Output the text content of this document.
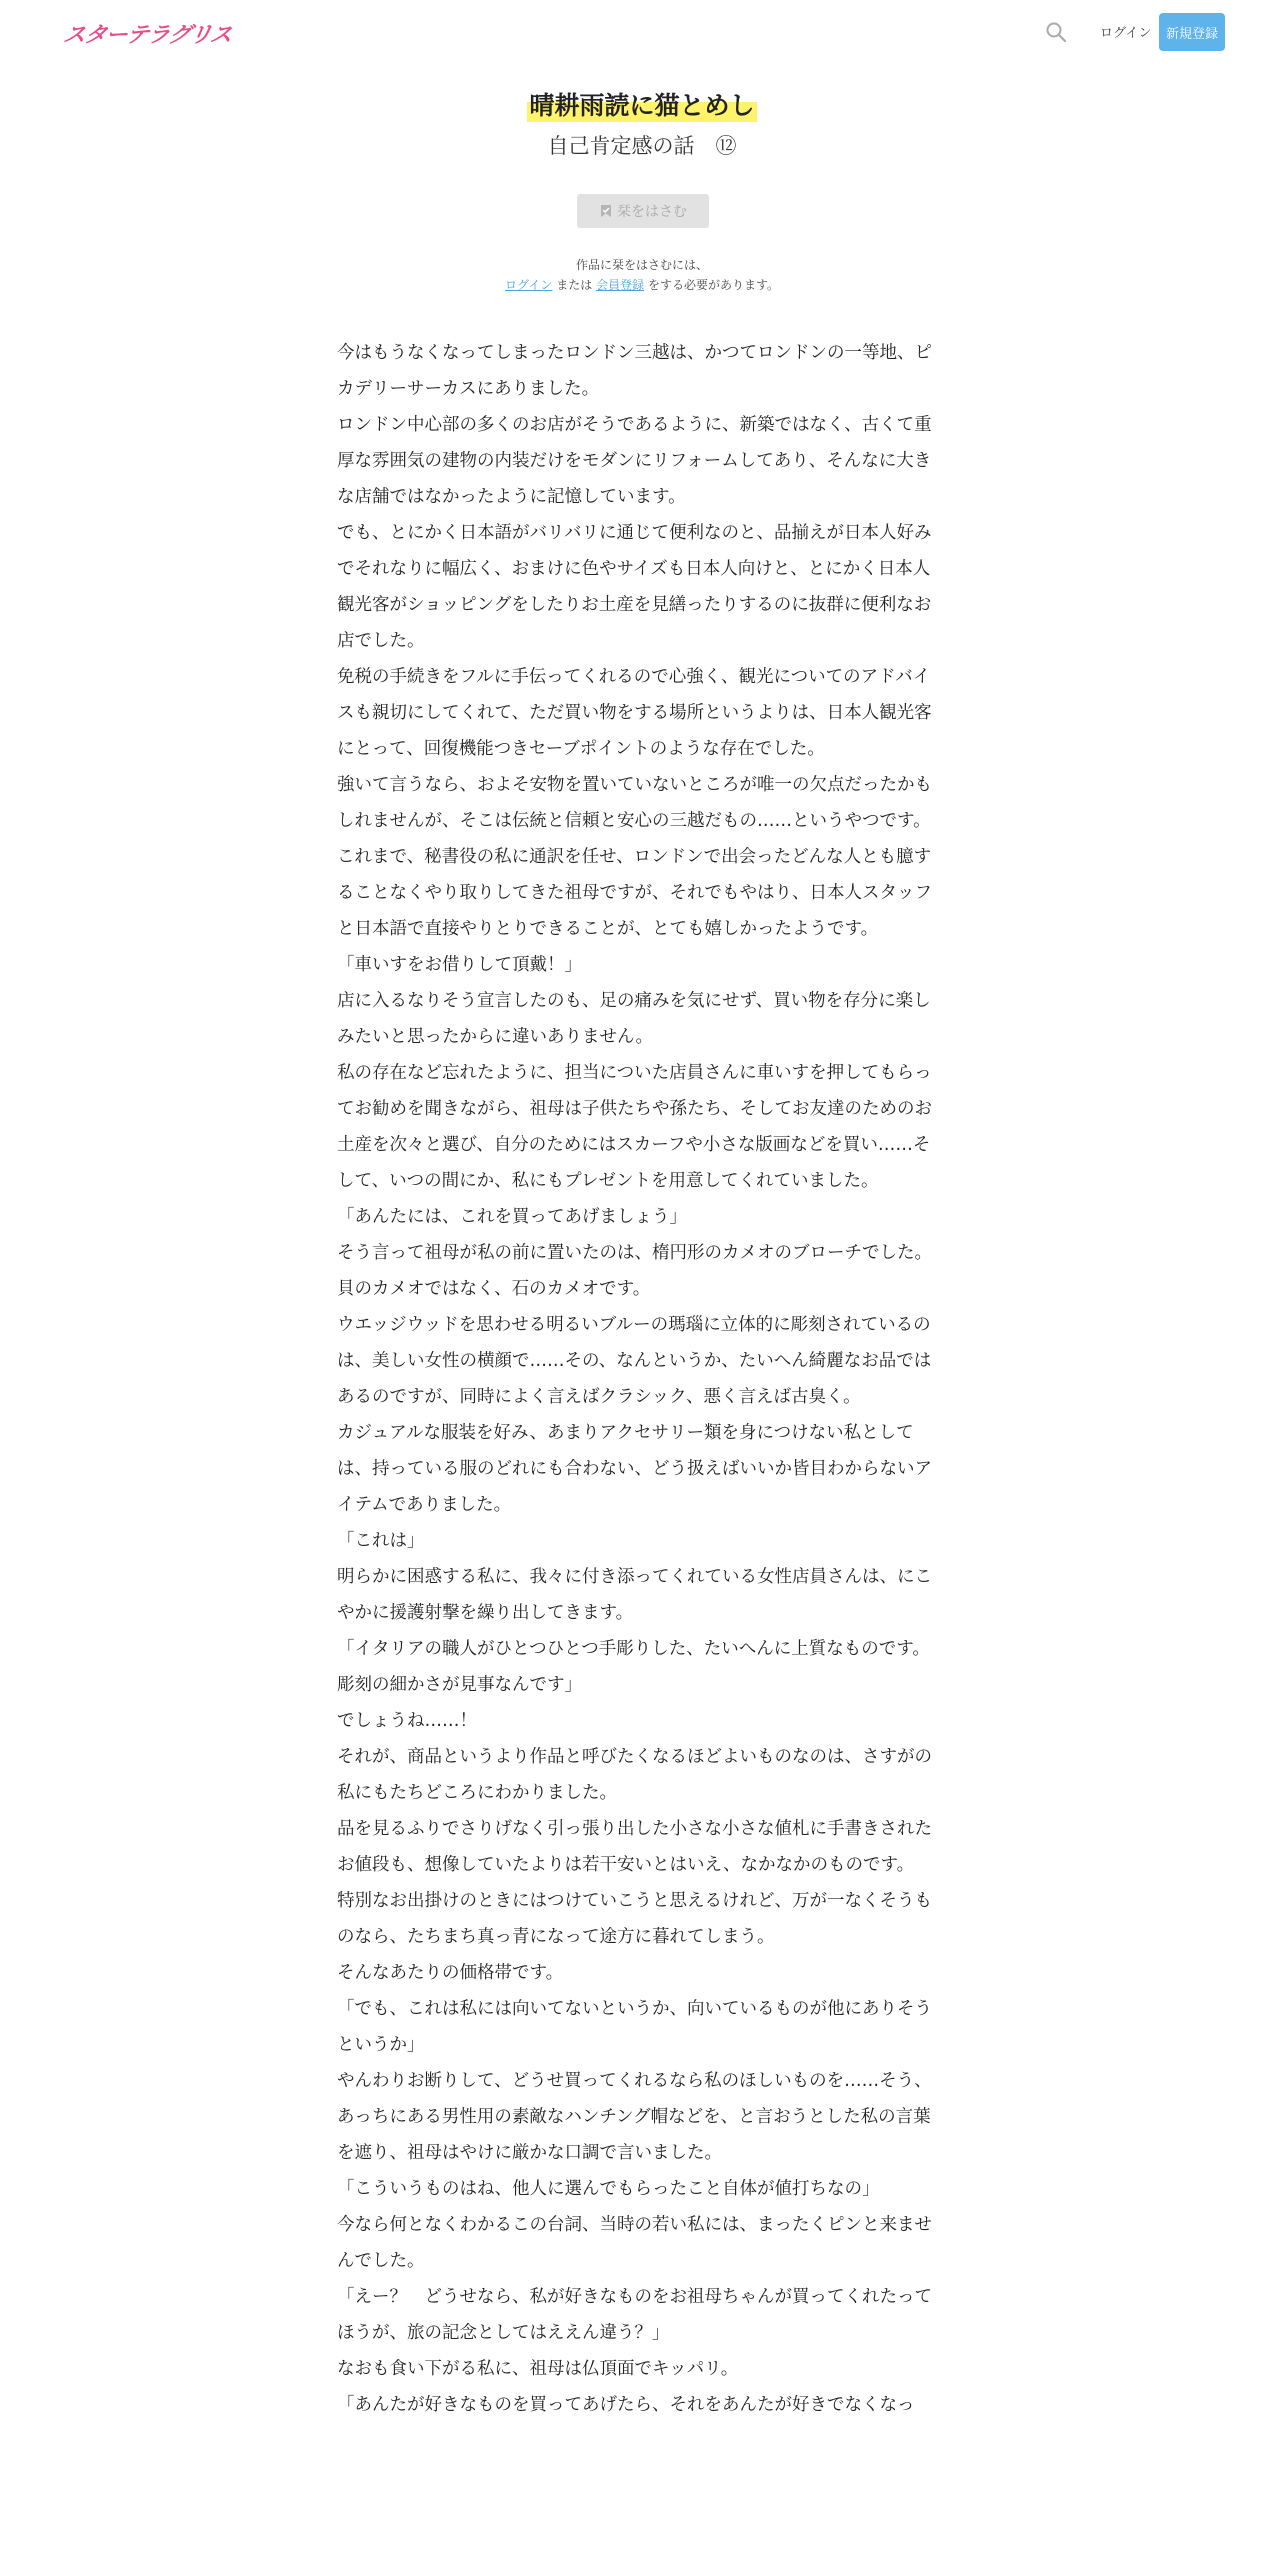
スターテラグリス	ログイン	新規登録
晴耕雨読に猫とめし
自己肯定感の話　⑫
栞をはさむ
作品に栞をはさむには、
ログイン または 会員登録 をする必要があります。

今はもうなくなってしまったロンドン三越は、かつてロンドンの一等地、ピカデリーサーカスにありました。

ロンドン中心部の多くのお店がそうであるように、新築ではなく、古くて重厚な雰囲気の建物の内装だけをモダンにリフォームしてあり、そんなに大きな店舗ではなかったように記憶しています。

でも、とにかく日本語がバリバリに通じて便利なのと、品揃えが日本人好みでそれなりに幅広く、おまけに色やサイズも日本人向けと、とにかく日本人観光客がショッピングをしたりお土産を見繕ったりするのに抜群に便利なお店でした。

免税の手続きをフルに手伝ってくれるので心強く、観光についてのアドバイスも親切にしてくれて、ただ買い物をする場所というよりは、日本人観光客にとって、回復機能つきセーブポイントのような存在でした。

強いて言うなら、およそ安物を置いていないところが唯一の欠点だったかもしれませんが、そこは伝統と信頼と安心の三越だもの……というやつです。

これまで、秘書役の私に通訳を任せ、ロンドンで出会ったどんな人とも臆することなくやり取りしてきた祖母ですが、それでもやはり、日本人スタッフと日本語で直接やりとりできることが、とても嬉しかったようです。

「車いすをお借りして頂戴！」

店に入るなりそう宣言したのも、足の痛みを気にせず、買い物を存分に楽しみたいと思ったからに違いありません。

私の存在など忘れたように、担当についた店員さんに車いすを押してもらってお勧めを聞きながら、祖母は子供たちや孫たち、そしてお友達のためのお土産を次々と選び、自分のためにはスカーフや小さな版画などを買い……そして、いつの間にか、私にもプレゼントを用意してくれていました。

「あんたには、これを買ってあげましょう」

そう言って祖母が私の前に置いたのは、楕円形のカメオのブローチでした。

貝のカメオではなく、石のカメオです。

ウエッジウッドを思わせる明るいブルーの瑪瑙に立体的に彫刻されているのは、美しい女性の横顔で……その、なんというか、たいへん綺麗なお品ではあるのですが、同時によく言えばクラシック、悪く言えば古臭く。

カジュアルな服装を好み、あまりアクセサリー類を身につけない私としては、持っている服のどれにも合わない、どう扱えばいいか皆目わからないアイテムでありました。

「これは」

明らかに困惑する私に、我々に付き添ってくれている女性店員さんは、にこやかに援護射撃を繰り出してきます。

「イタリアの職人がひとつひとつ手彫りした、たいへんに上質なものです。彫刻の細かさが見事なんです」

でしょうね……！

それが、商品というより作品と呼びたくなるほどよいものなのは、さすがの私にもたちどころにわかりました。

品を見るふりでさりげなく引っ張り出した小さな小さな値札に手書きされたお値段も、想像していたよりは若干安いとはいえ、なかなかのものです。

特別なお出掛けのときにはつけていこうと思えるけれど、万が一なくそうものなら、たちまち真っ青になって途方に暮れてしまう。

そんなあたりの価格帯です。

「でも、これは私には向いてないというか、向いているものが他にありそうというか」

やんわりお断りして、どうせ買ってくれるなら私のほしいものを……そう、あっちにある男性用の素敵なハンチング帽などを、と言おうとした私の言葉を遮り、祖母はやけに厳かな口調で言いました。

「こういうものはね、他人に選んでもらったこと自体が値打ちなの」

今なら何となくわかるこの台詞、当時の若い私には、まったくピンと来ませんでした。

「えー？　どうせなら、私が好きなものをお祖母ちゃんが買ってくれたってほうが、旅の記念としてはええん違う？」

なおも食い下がる私に、祖母は仏頂面でキッパリ。

「あんたが好きなものを買ってあげたら、それをあんたが好きでなくなっ
